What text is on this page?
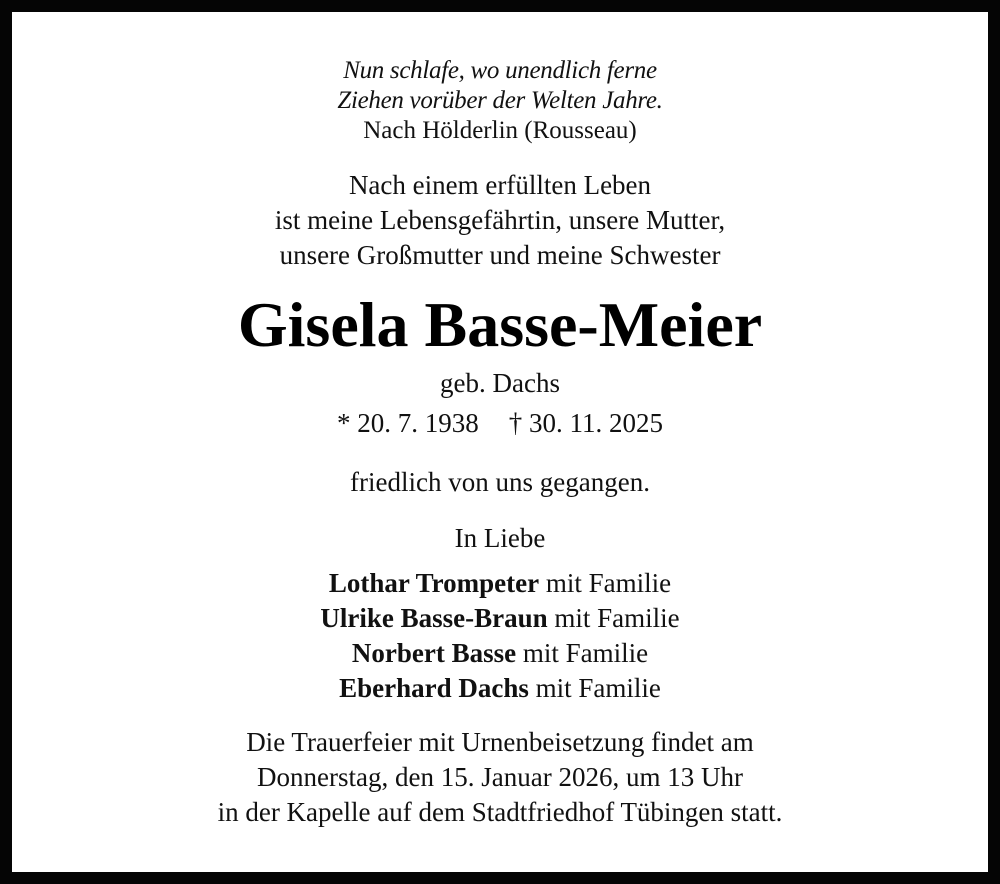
Nun schlafe, wo unendlich ferne
Ziehen vorüber der Welten Jahre.
Nach Hölderlin (Rousseau)
Nach einem erfüllten Leben
ist meine Lebensgefährtin, unsere Mutter,
unsere Großmutter und meine Schwester
Gisela Basse-Meier
geb. Dachs
* 20. 7. 1938 † 30. 11. 2025
friedlich von uns gegangen.
In Liebe
Lothar Trompeter mit Familie
Ulrike Basse-Braun mit Familie
Norbert Basse mit Familie
Eberhard Dachs mit Familie
Die Trauerfeier mit Urnenbeisetzung findet am
Donnerstag, den 15. Januar 2026, um 13 Uhr
in der Kapelle auf dem Stadtfriedhof Tübingen statt.
